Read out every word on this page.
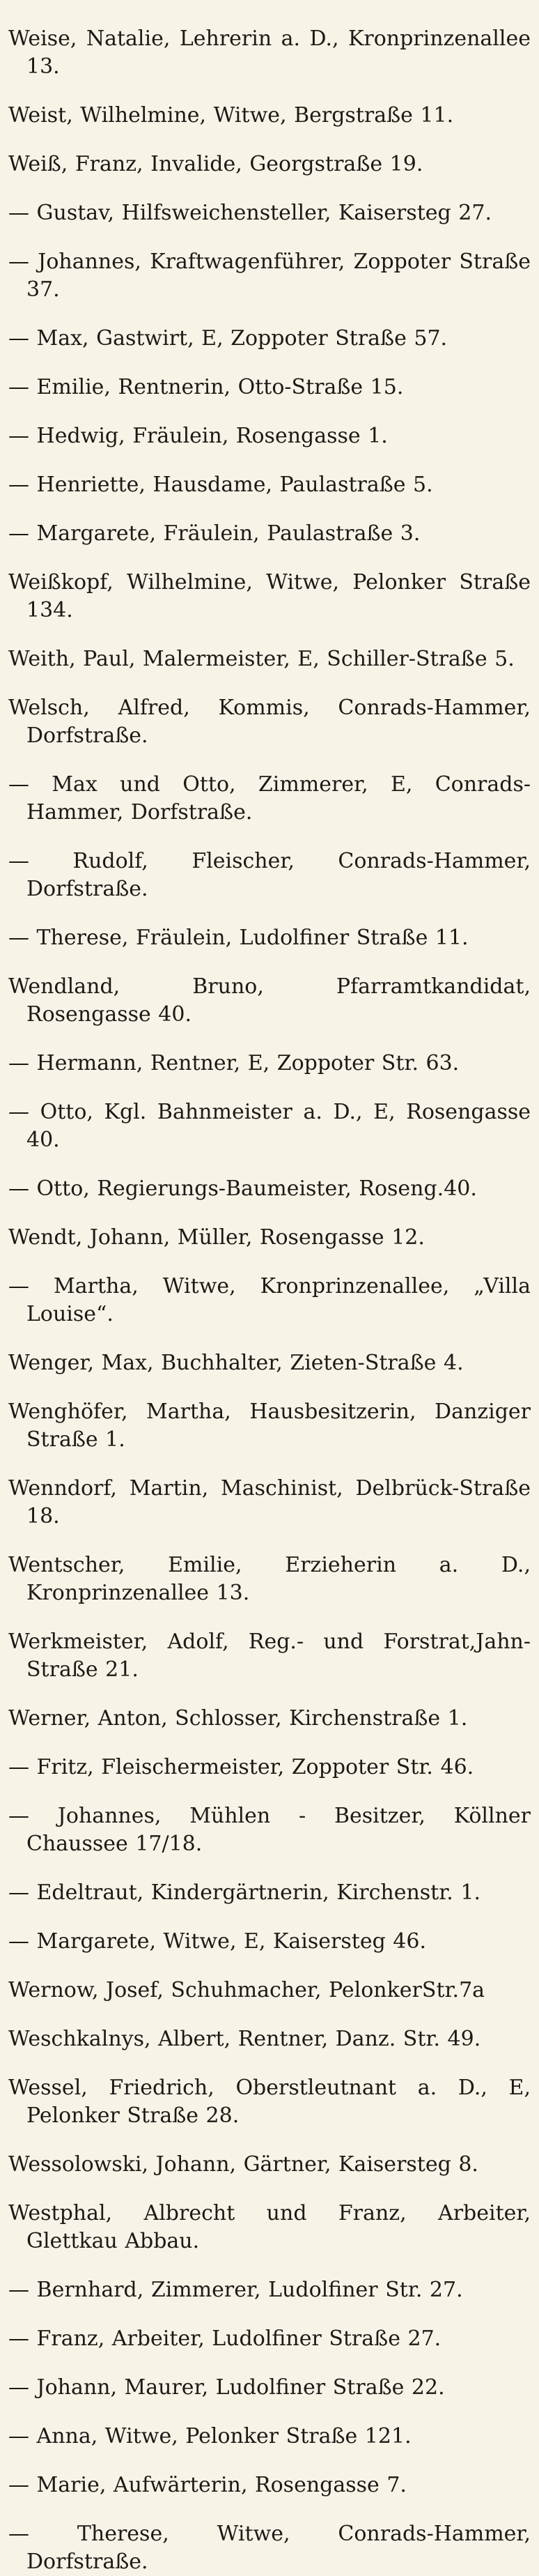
Weise, Natalie, Lehrerin a. D., Kronprinzenallee 13.

Weist, Wilhelmine, Witwe, Bergstraße 11.

Weiß, Franz, Invalide, Georgstraße 19.

— Gustav, Hilfsweichensteller, Kaisersteg 27.

— Johannes, Kraftwagenführer, Zoppoter Straße 37.

— Max, Gastwirt, E, Zoppoter Straße 57.

— Emilie, Rentnerin, Otto-Straße 15.

— Hedwig, Fräulein, Rosengasse 1.

— Henriette, Hausdame, Paulastraße 5.

— Margarete, Fräulein, Paulastraße 3.

Weißkopf, Wilhelmine, Witwe, Pelonker Straße 134.

Weith, Paul, Malermeister, E, Schiller-Straße 5.

Welsch, Alfred, Kommis, Conrads-Hammer, Dorfstraße.

— Max und Otto, Zimmerer, E, Conrads-Hammer, Dorfstraße.

— Rudolf, Fleischer, Conrads-Hammer, Dorfstraße.

— Therese, Fräulein, Ludolfiner Straße 11.

Wendland, Bruno, Pfarramtkandidat, Rosengasse 40.

— Hermann, Rentner, E, Zoppoter Str. 63.

— Otto, Kgl. Bahnmeister a. D., E, Rosengasse 40.

— Otto, Regierungs-Baumeister, Roseng.40.

Wendt, Johann, Müller, Rosengasse 12.

— Martha, Witwe, Kronprinzenallee, „Villa Louise“.

Wenger, Max, Buchhalter, Zieten-Straße 4.

Wenghöfer, Martha, Hausbesitzerin, Danziger Straße 1.

Wenndorf, Martin, Maschinist, Delbrück-Straße 18.

Wentscher, Emilie, Erzieherin a. D., Kronprinzenallee 13.

Werkmeister, Adolf, Reg.- und Forstrat,Jahn-Straße 21.

Werner, Anton, Schlosser, Kirchenstraße 1.

— Fritz, Fleischermeister, Zoppoter Str. 46.

— Johannes, Mühlen - Besitzer, Köllner Chaussee 17/18.

— Edeltraut, Kindergärtnerin, Kirchenstr. 1.

— Margarete, Witwe, E, Kaisersteg 46.

Wernow, Josef, Schuhmacher, PelonkerStr.7a

Weschkalnys, Albert, Rentner, Danz. Str. 49.

Wessel, Friedrich, Oberstleutnant a. D., E, Pelonker Straße 28.

Wessolowski, Johann, Gärtner, Kaisersteg 8.

Westphal, Albrecht und Franz, Arbeiter, Glettkau Abbau.

— Bernhard, Zimmerer, Ludolfiner Str. 27.

— Franz, Arbeiter, Ludolfiner Straße 27.

— Johann, Maurer, Ludolfiner Straße 22.

— Anna, Witwe, Pelonker Straße 121.

— Marie, Aufwärterin, Rosengasse 7.

— Therese, Witwe, Conrads-Hammer, Dorfstraße.
